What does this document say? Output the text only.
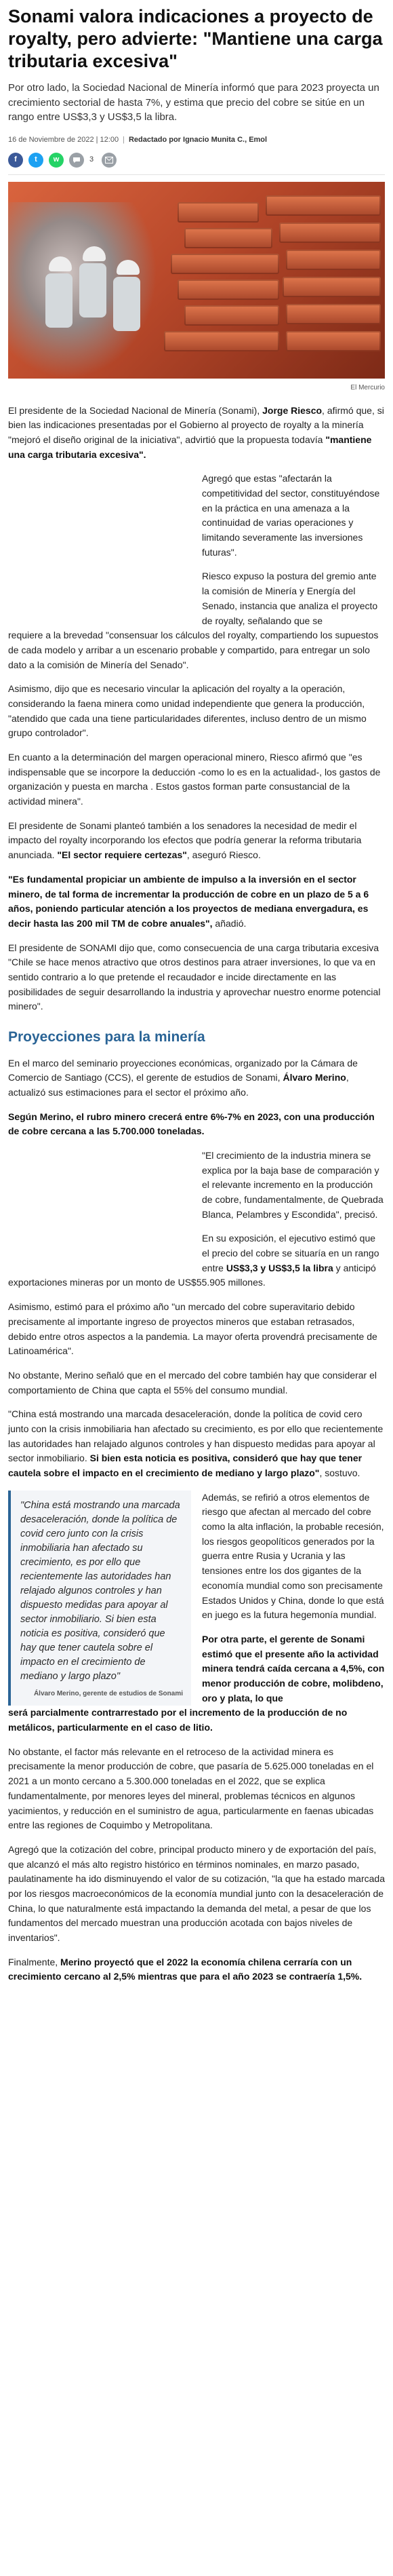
Sonami valora indicaciones a proyecto de royalty, pero advierte: "Mantiene una carga tributaria excesiva"

Por otro lado, la Sociedad Nacional de Minería informó que para 2023 proyecta un crecimiento sectorial de hasta 7%, y estima que precio del cobre se sitúe en un rango entre US$3,3 y US$3,5 la libra.

16 de Noviembre de 2022 | 12:00 | Redactado por Ignacio Munita C., Emol
f	t	w	3
El Mercurio

El presidente de la Sociedad Nacional de Minería (Sonami), Jorge Riesco, afirmó que, si bien las indicaciones presentadas por el Gobierno al proyecto de royalty a la minería "mejoró el diseño original de la iniciativa", advirtió que la propuesta todavía "mantiene una carga tributaria excesiva".

Agregó que estas "afectarán la competitividad del sector, constituyéndose en la práctica en una amenaza a la continuidad de varias operaciones y limitando severamente las inversiones futuras".

Riesco expuso la postura del gremio ante la comisión de Minería y Energía del Senado, instancia que analiza el proyecto de royalty, señalando que se

requiere a la brevedad "consensuar los cálculos del royalty, compartiendo los supuestos de cada modelo y arribar a un escenario probable y compartido, para entregar un solo dato a la comisión de Minería del Senado".

Asimismo, dijo que es necesario vincular la aplicación del royalty a la operación, considerando la faena minera como unidad independiente que genera la producción, "atendido que cada una tiene particularidades diferentes, incluso dentro de un mismo grupo controlador".

En cuanto a la determinación del margen operacional minero, Riesco afirmó que "es indispensable que se incorpore la deducción -como lo es en la actualidad-, los gastos de organización y puesta en marcha . Estos gastos forman parte consustancial de la actividad minera".

El presidente de Sonami planteó también a los senadores la necesidad de medir el impacto del royalty incorporando los efectos que podría generar la reforma tributaria anunciada. "El sector requiere certezas", aseguró Riesco.

"Es fundamental propiciar un ambiente de impulso a la inversión en el sector minero, de tal forma de incrementar la producción de cobre en un plazo de 5 a 6 años, poniendo particular atención a los proyectos de mediana envergadura, es decir hasta las 200 mil TM de cobre anuales", añadió.

El presidente de SONAMI dijo que, como consecuencia de una carga tributaria excesiva "Chile se hace menos atractivo que otros destinos para atraer inversiones, lo que va en sentido contrario a lo que pretende el recaudador e incide directamente en las posibilidades de seguir desarrollando la industria y aprovechar nuestro enorme potencial minero".

Proyecciones para la minería

En el marco del seminario proyecciones económicas, organizado por la Cámara de Comercio de Santiago (CCS), el gerente de estudios de Sonami, Álvaro Merino, actualizó sus estimaciones para el sector el próximo año.

Según Merino, el rubro minero crecerá entre 6%-7% en 2023, con una producción de cobre cercana a las 5.700.000 toneladas.

"El crecimiento de la industria minera se explica por la baja base de comparación y el relevante incremento en la producción de cobre, fundamentalmente, de Quebrada Blanca, Pelambres y Escondida", precisó.

En su exposición, el ejecutivo estimó que el precio del cobre se situaría en un rango entre US$3,3 y US$3,5 la libra y anticipó

exportaciones mineras por un monto de US$55.905 millones.

Asimismo, estimó para el próximo año "un mercado del cobre superavitario debido precisamente al importante ingreso de proyectos mineros que estaban retrasados, debido entre otros aspectos a la pandemia. La mayor oferta provendrá precisamente de Latinoamérica".

No obstante, Merino señaló que en el mercado del cobre también hay que considerar el comportamiento de China que capta el 55% del consumo mundial.

"China está mostrando una marcada desaceleración, donde la política de covid cero junto con la crisis inmobiliaria han afectado su crecimiento, es por ello que recientemente las autoridades han relajado algunos controles y han dispuesto medidas para apoyar al sector inmobiliario. Si bien esta noticia es positiva, consideró que hay que tener cautela sobre el impacto en el crecimiento de mediano y largo plazo", sostuvo.

"China está mostrando una marcada desaceleración, donde la política de covid cero junto con la crisis inmobiliaria han afectado su crecimiento, es por ello que recientemente las autoridades han relajado algunos controles y han dispuesto medidas para apoyar al sector inmobiliario. Si bien esta noticia es positiva, consideró que hay que tener cautela sobre el impacto en el crecimiento de mediano y largo plazo"
Álvaro Merino, gerente de estudios de Sonami

Además, se refirió a otros elementos de riesgo que afectan al mercado del cobre como la alta inflación, la probable recesión, los riesgos geopolíticos generados por la guerra entre Rusia y Ucrania y las tensiones entre los dos gigantes de la economía mundial como son precisamente Estados Unidos y China, donde lo que está en juego es la futura hegemonía mundial.

Por otra parte, el gerente de Sonami estimó que el presente año la actividad minera tendrá caída cercana a 4,5%, con menor producción de cobre, molibdeno, oro y plata, lo que

será parcialmente contrarrestado por el incremento de la producción de no metálicos, particularmente en el caso de litio.

No obstante, el factor más relevante en el retroceso de la actividad minera es precisamente la menor producción de cobre, que pasaría de 5.625.000 toneladas en el 2021 a un monto cercano a 5.300.000 toneladas en el 2022, que se explica fundamentalmente, por menores leyes del mineral, problemas técnicos en algunos yacimientos, y reducción en el suministro de agua, particularmente en faenas ubicadas entre las regiones de Coquimbo y Metropolitana.

Agregó que la cotización del cobre, principal producto minero y de exportación del país, que alcanzó el más alto registro histórico en términos nominales, en marzo pasado, paulatinamente ha ido disminuyendo el valor de su cotización, "la que ha estado marcada por los riesgos macroeconómicos de la economía mundial junto con la desaceleración de China, lo que naturalmente está impactando la demanda del metal, a pesar de que los fundamentos del mercado muestran una producción acotada con bajos niveles de inventarios".

Finalmente, Merino proyectó que el 2022 la economía chilena cerraría con un crecimiento cercano al 2,5% mientras que para el año 2023 se contraería 1,5%.
